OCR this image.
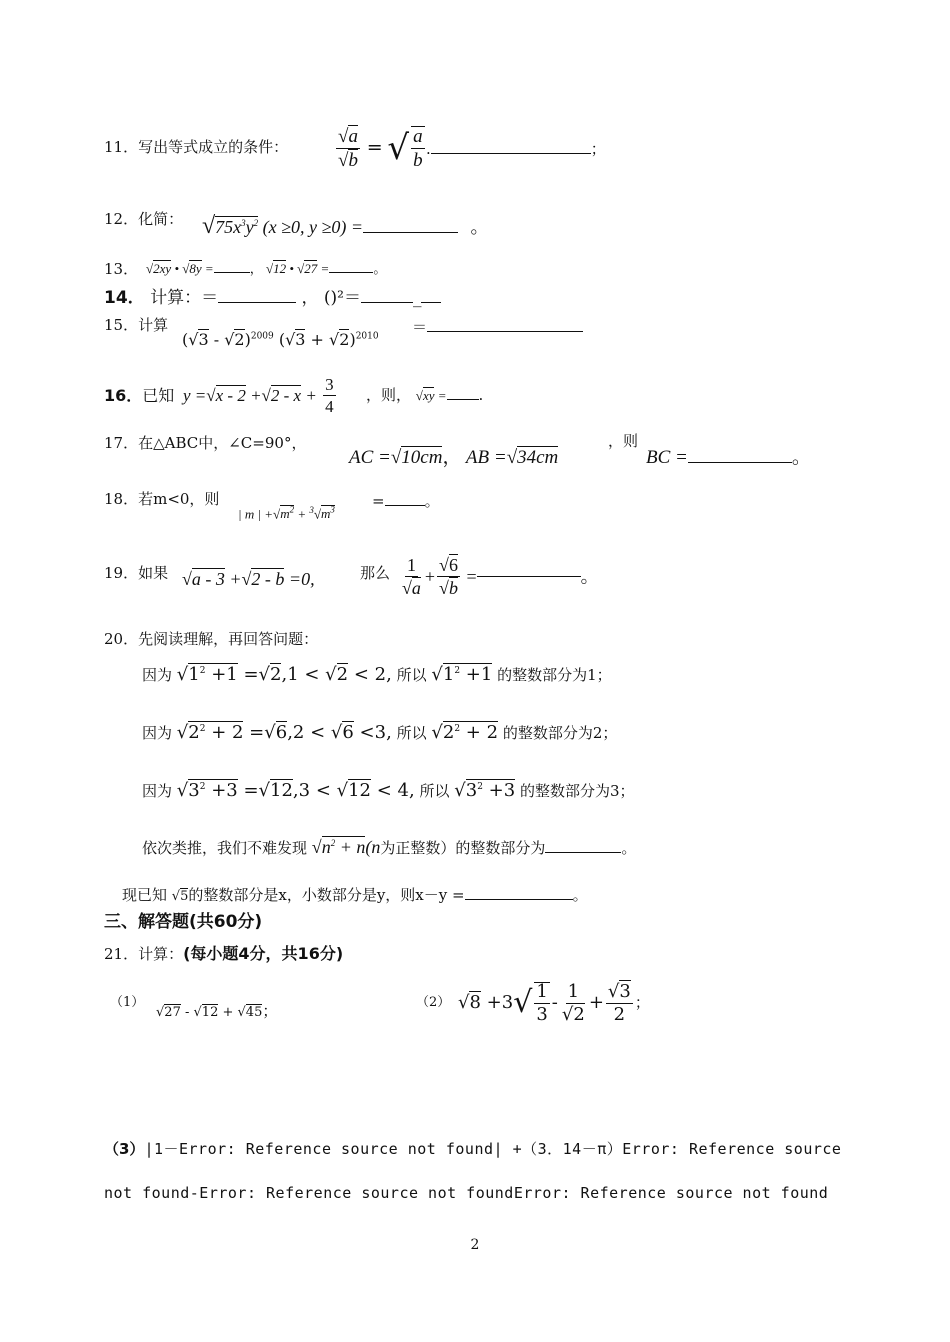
11．写出等式成立的条件：	$\frac{√a}{√b}$ = √ $\frac{a}{b}$ .	；
12．化简： $√75x^3y^2$ (x ≥0, y ≥0) =	。
13． √2xy • √8y =	， √12 • √27 =	。
14． 计算：＝	， ()²＝	_
15．计算
(√3 - √2)$^{2009}$ $(√3 + √2)^{2010}$
＝
16．已知 $y =√x - 2 +√2 - x + \frac{3}{4}$ ，则， √xy = .
17．在△ABC中，∠C=90°，
AC =√10cm， AB =√34cm
，则
BC =	。
18．若m<0，则
| m | $+√m^2 + ^3√m^3$ =	。
19．如果 √a - 3 +√2 - b =0,	那么 $\frac{1}{√a} + \frac{√6}{√b}$ =	。
20．先阅读理解，再回答问题：
因为 $√1^2 +1 =√2,1 < √2 < 2$, 所以 $√1^2 +1$ 的整数部分为1；
因为 $√2^2 + 2 =√6,2 < √6 <3$, 所以 $√2^2 + 2$ 的整数部分为2；
因为 $√3^2 +3 =√12,3 < √12 < 4$, 所以 $√3^2 +3$ 的整数部分为3；
依次类推，我们不难发现 $√n^2 + n(n$为正整数）的整数部分为	。
现已知 √5的整数部分是x，小数部分是y，则x－y =	。
三、解答题(共60分)
21．计算：(每小题4分，共16分)
（1）
√27 - √12 + √45；	（2） $√8 +3√ \frac{1}{3} - \frac{1}{√2} + \frac{√3}{2}$ ；
（3）|1－Error: Reference source not found| +（3．14－π）Error: Reference source
not found-Error: Reference source not foundError: Reference source not found
2
